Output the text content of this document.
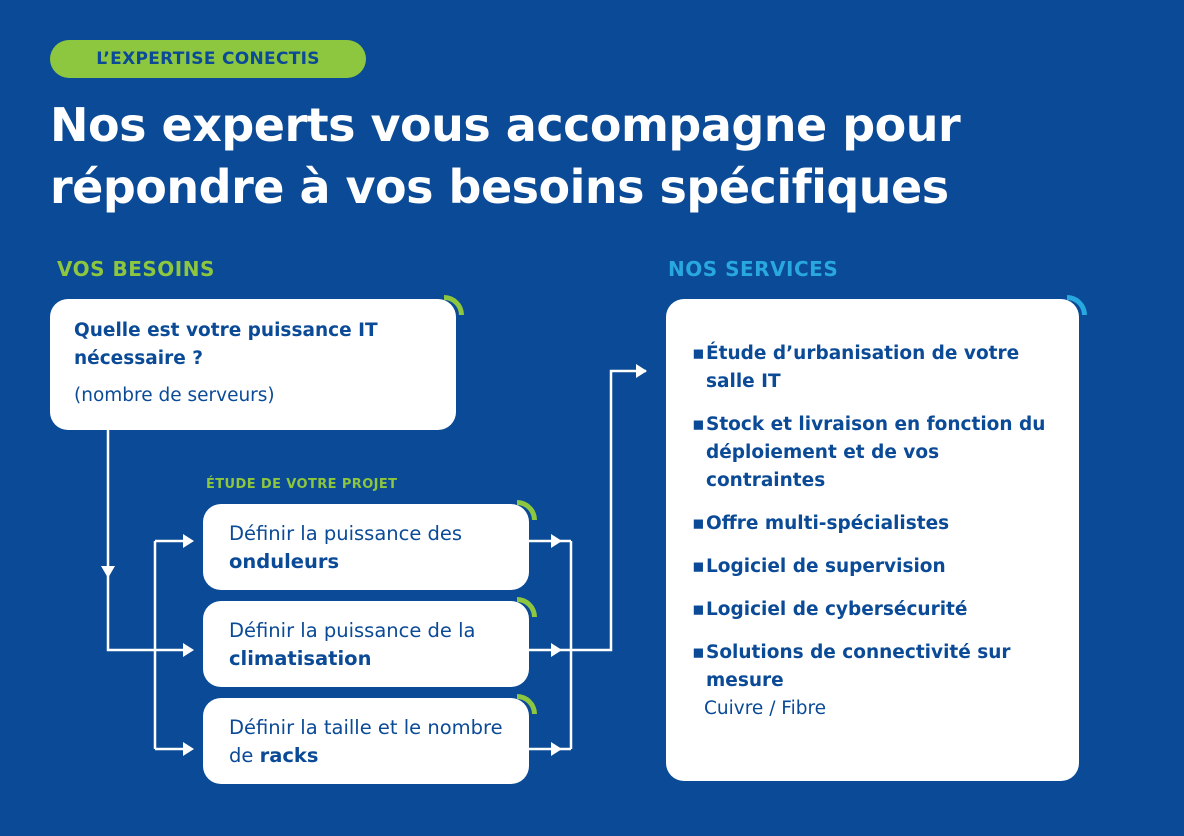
L’EXPERTISE CONECTIS
Nos experts vous accompagne pour répondre à vos besoins spécifiques
VOS BESOINS	NOS SERVICES
ÉTUDE DE VOTRE PROJET
Quelle est votre puissance IT nécessaire ?
(nombre de serveurs)
Définir la puissance des onduleurs
Définir la puissance de la climatisation
Définir la taille et le nombre de racks
▪ Étude d’urbanisation de votre salle IT
▪ Stock et livraison en fonction du déploiement et de vos contraintes
▪ Offre multi-spécialistes
▪ Logiciel de supervision
▪ Logiciel de cybersécurité
▪ Solutions de connectivité sur mesure
Cuivre / Fibre
